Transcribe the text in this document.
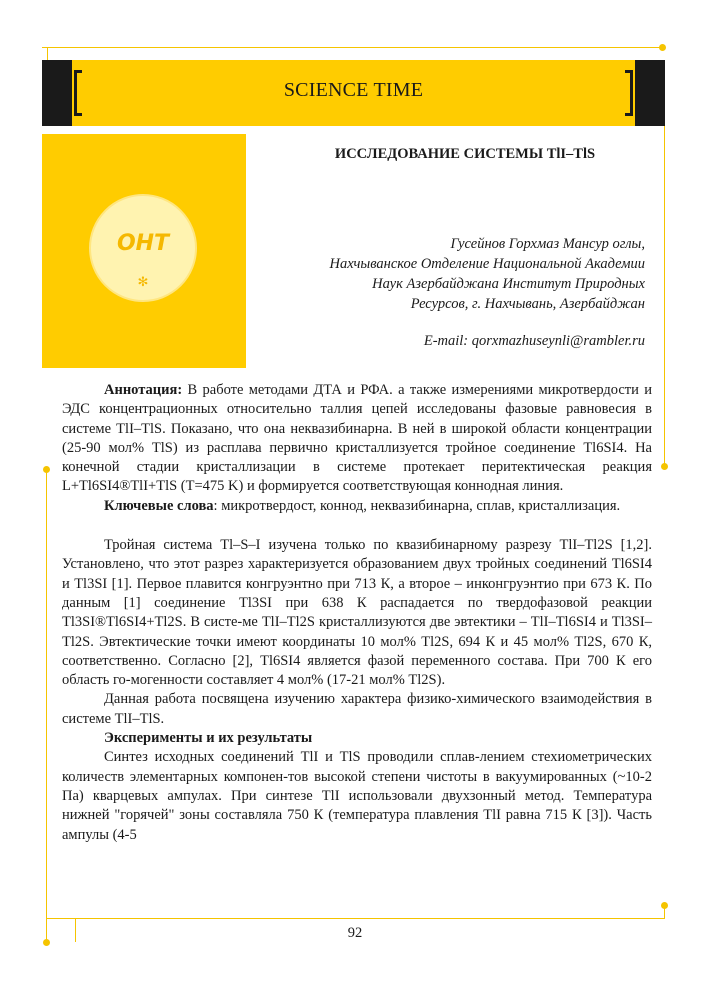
SCIENCE TIME
ОНТ
✻
ИССЛЕДОВАНИЕ СИСТЕМЫ TlI–TlS
Гусейнов Горхмаз Мансур оглы,
Нахчыванское Отделение Национальной Академии
Наук Азербайджана Институт Природных
Ресурсов, г. Нахчывань, Азербайджан
E-mail: qorxmazhuseynli@rambler.ru

Аннотация: В работе методами ДТА и РФА. а также измерениями микротвердости и ЭДС концентрационных относительно таллия цепей исследованы фазовые равновесия в системе TlI–TlS. Показано, что она неквазибинарна. В ней в широкой области концентрации (25-90 мол% TlS) из расплава первично кристаллизуется тройное соединение Tl6SI4. На конечной стадии кристаллизации в системе протекает перитектическая реакция L+Tl6SI4®TlI+TlS (T=475 K) и формируется соответствующая коннодная линия.

Ключевые слова: микротвердост, коннод, неквазибинарна, сплав, кристаллизация.

Тройная система Tl–S–I изучена только по квазибинарному разрезу TlI–Tl2S [1,2]. Установлено, что этот разрез характеризуется образованием двух тройных соединений Tl6SI4 и Tl3SI [1]. Первое плавится конгруэнтно при 713 К, а второе – инконгруэнтио при 673 К. По данным [1] соединение Tl3SI при 638 К распадается по твердофазовой реакции Tl3SI®Tl6SI4+Tl2S. В систе-ме TlI–Tl2S кристаллизуются две эвтектики – TlI–Tl6SI4 и Tl3SI–Tl2S. Эвтектические точки имеют координаты 10 мол% Tl2S, 694 К и 45 мол% Tl2S, 670 К, соответственно. Согласно [2], Tl6SI4 является фазой переменного состава. При 700 К его область го-могенности составляет 4 мол% (17-21 мол% Tl2S).

Данная работа посвящена изучению характера физико-химического взаимодействия в системе TlI–TlS.

Эксперименты и их результаты

Синтез исходных соединений TlI и TlS проводили сплав-лением стехиометрических количеств элементарных компонен-тов высокой степени чистоты в вакуумированных (~10-2 Па) кварцевых ампулах. При синтезе TlI использовали двухзонный метод. Температура нижней "горячей" зоны составляла 750 К (температура плавления TlI равна 715 К [3]). Часть ампулы (4-5

92
